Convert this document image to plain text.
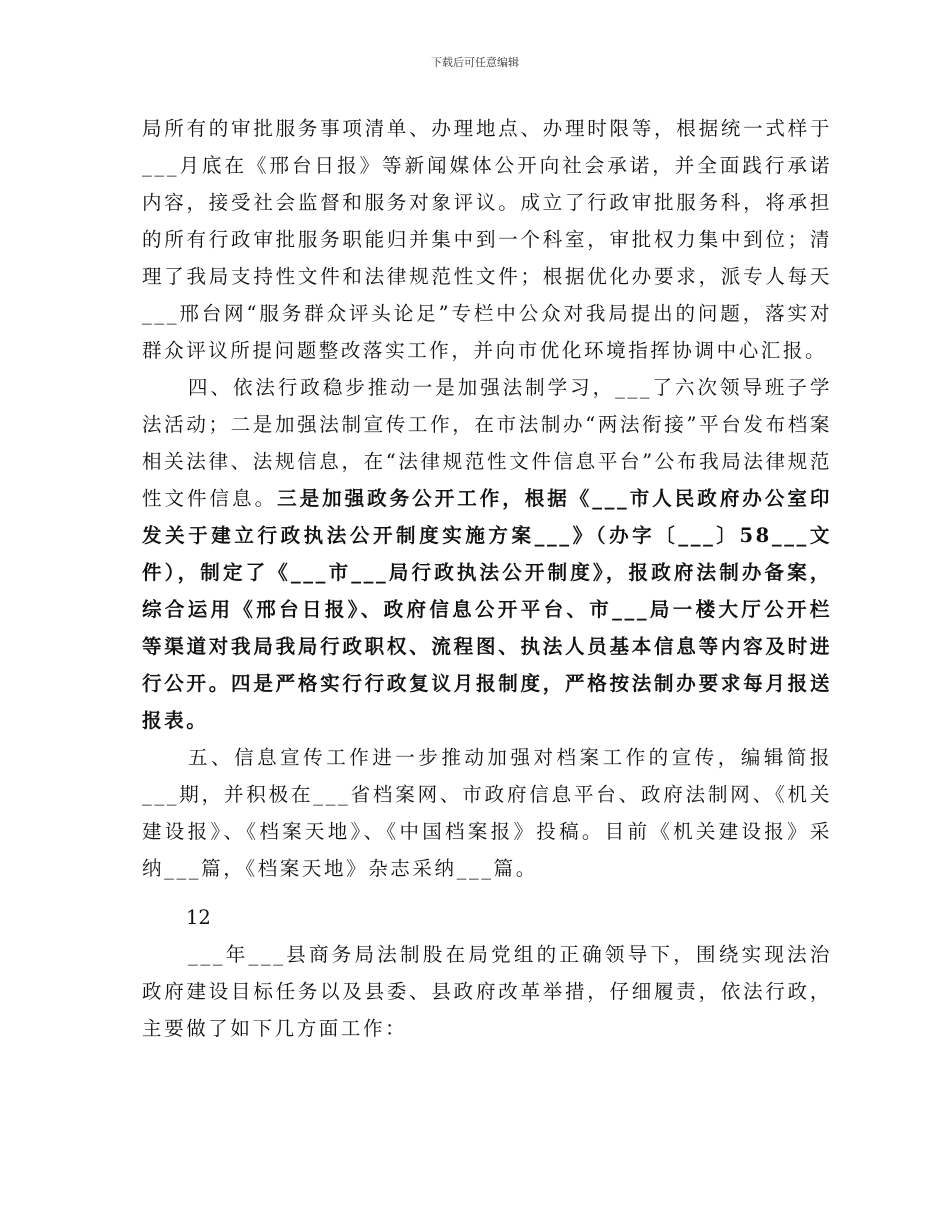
下载后可任意编辑

局所有的审批服务事项清单、办理地点、办理时限等，根据统一式样于___月底在《邢台日报》等新闻媒体公开向社会承诺，并全面践行承诺内容，接受社会监督和服务对象评议。成立了行政审批服务科，将承担的所有行政审批服务职能归并集中到一个科室，审批权力集中到位；清理了我局支持性文件和法律规范性文件；根据优化办要求，派专人每天___邢台网“服务群众评头论足”专栏中公众对我局提出的问题，落实对群众评议所提问题整改落实工作，并向市优化环境指挥协调中心汇报。

四、依法行政稳步推动一是加强法制学习，___了六次领导班子学法活动；二是加强法制宣传工作，在市法制办“两法衔接”平台发布档案相关法律、法规信息，在“法律规范性文件信息平台”公布我局法律规范性文件信息。三是加强政务公开工作，根据《___市人民政府办公室印发关于建立行政执法公开制度实施方案___》（办字〔___〕58___文件），制定了《___市___局行政执法公开制度》，报政府法制办备案，综合运用《邢台日报》、政府信息公开平台、市___局一楼大厅公开栏等渠道对我局我局行政职权、流程图、执法人员基本信息等内容及时进行公开。四是严格实行行政复议月报制度，严格按法制办要求每月报送报表。

五、信息宣传工作进一步推动加强对档案工作的宣传，编辑简报___期，并积极在___省档案网、市政府信息平台、政府法制网、《机关建设报》、《档案天地》、《中国档案报》投稿。目前《机关建设报》采纳___篇，《档案天地》杂志采纳___篇。

12

___年___县商务局法制股在局党组的正确领导下，围绕实现法治政府建设目标任务以及县委、县政府改革举措，仔细履责，依法行政，主要做了如下几方面工作：
